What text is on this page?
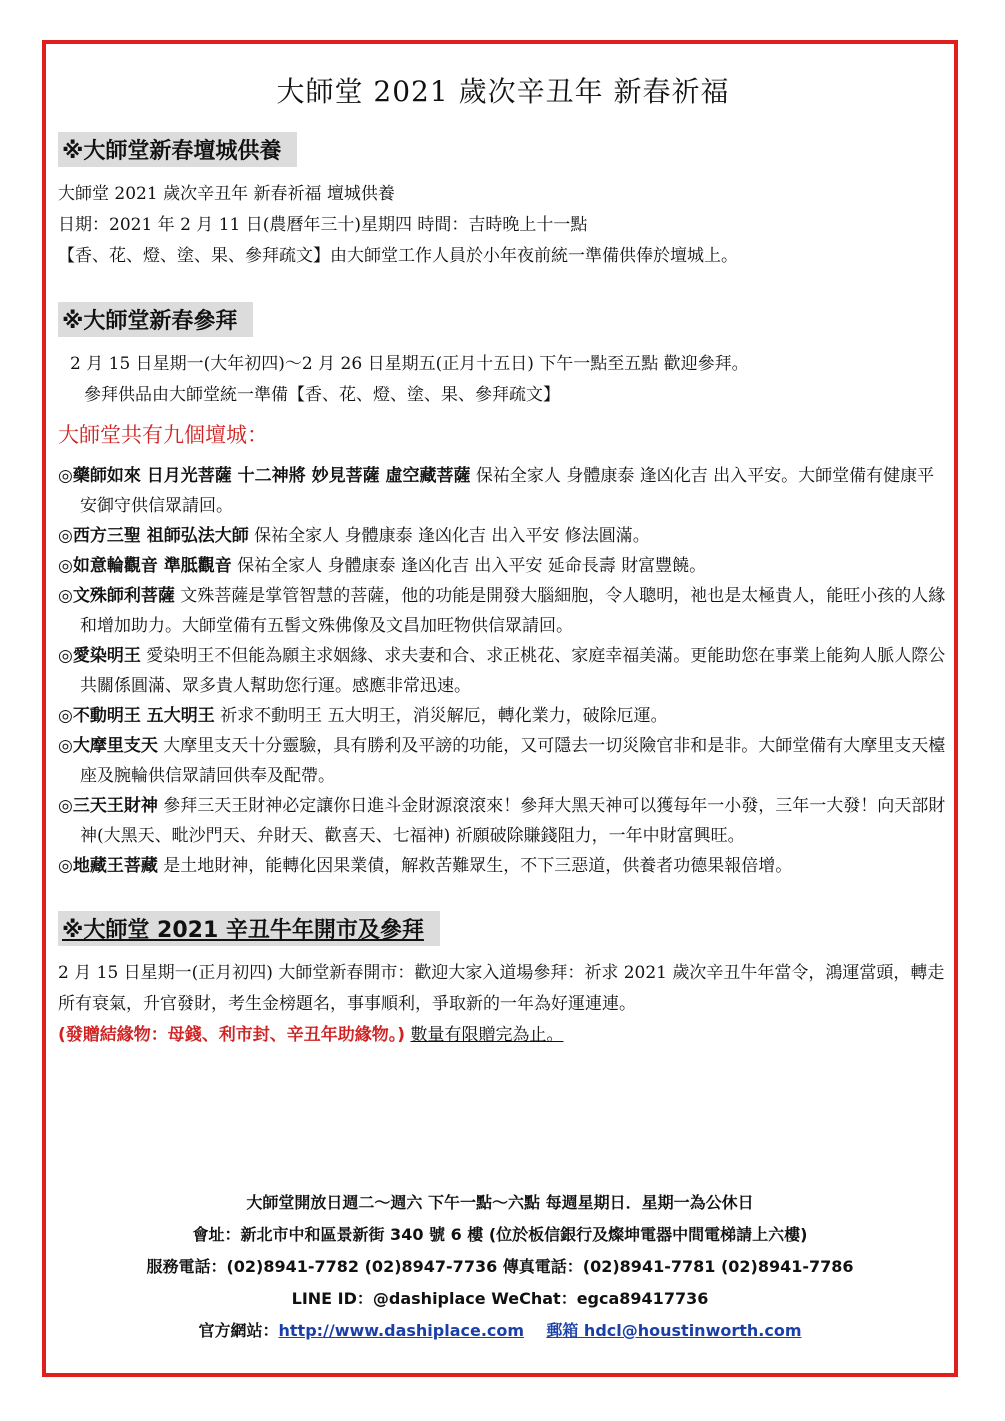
大師堂 2021 歲次辛丑年 新春祈福
※大師堂新春壇城供養

大師堂 2021 歲次辛丑年 新春祈福 壇城供養

日期：2021 年 2 月 11 日(農曆年三十)星期四 時間：吉時晚上十一點

【香、花、燈、塗、果、參拜疏文】由大師堂工作人員於小年夜前統一準備供俸於壇城上。

※大師堂新春參拜

2 月 15 日星期一(大年初四)～2 月 26 日星期五(正月十五日) 下午一點至五點 歡迎參拜。

參拜供品由大師堂統一準備【香、花、燈、塗、果、參拜疏文】

大師堂共有九個壇城：

◎藥師如來 日月光菩薩 十二神將 妙見菩薩 虛空藏菩薩 保祐全家人 身體康泰 逢凶化吉 出入平安。大師堂備有健康平安御守供信眾請回。

◎西方三聖 祖師弘法大師 保祐全家人 身體康泰 逢凶化吉 出入平安 修法圓滿。

◎如意輪觀音 準胝觀音 保祐全家人 身體康泰 逢凶化吉 出入平安 延命長壽 財富豐饒。

◎文殊師利菩薩 文殊菩薩是掌管智慧的菩薩，他的功能是開發大腦細胞，令人聰明，祂也是太極貴人，能旺小孩的人緣和增加助力。大師堂備有五髻文殊佛像及文昌加旺物供信眾請回。

◎愛染明王 愛染明王不但能為願主求姻緣、求夫妻和合、求正桃花、家庭幸福美滿。更能助您在事業上能夠人脈人際公共關係圓滿、眾多貴人幫助您行運。感應非常迅速。

◎不動明王 五大明王 祈求不動明王 五大明王，消災解厄，轉化業力，破除厄運。

◎大摩里支天 大摩里支天十分靈驗，具有勝利及平謗的功能，又可隱去一切災險官非和是非。大師堂備有大摩里支天檯座及腕輪供信眾請回供奉及配帶。

◎三天王財神 參拜三天王財神必定讓你日進斗金財源滾滾來！參拜大黑天神可以獲每年一小發，三年一大發！向天部財神(大黑天、毗沙門天、弁財天、歡喜天、七福神) 祈願破除賺錢阻力，一年中財富興旺。

◎地藏王菩藏 是土地財神，能轉化因果業債，解救苦難眾生，不下三惡道，供養者功德果報倍增。

※大師堂 2021 辛丑牛年開市及參拜

2 月 15 日星期一(正月初四) 大師堂新春開市：歡迎大家入道場參拜：祈求 2021 歲次辛丑牛年當令，鴻運當頭，轉走所有衰氣，升官發財，考生金榜題名，事事順利，爭取新的一年為好運連連。

(發贈結緣物：母錢、利市封、辛丑年助緣物。) 數量有限贈完為止。

大師堂開放日週二～週六 下午一點～六點 每週星期日．星期一為公休日

會址：新北市中和區景新街 340 號 6 樓 (位於板信銀行及燦坤電器中間電梯請上六樓)

服務電話：(02)8941-7782 (02)8947-7736 傳真電話：(02)8941-7781 (02)8941-7786

LINE ID：@dashiplace WeChat：egca89417736

官方網站：http://www.dashiplace.com 郵箱 hdcl@houstinworth.com
